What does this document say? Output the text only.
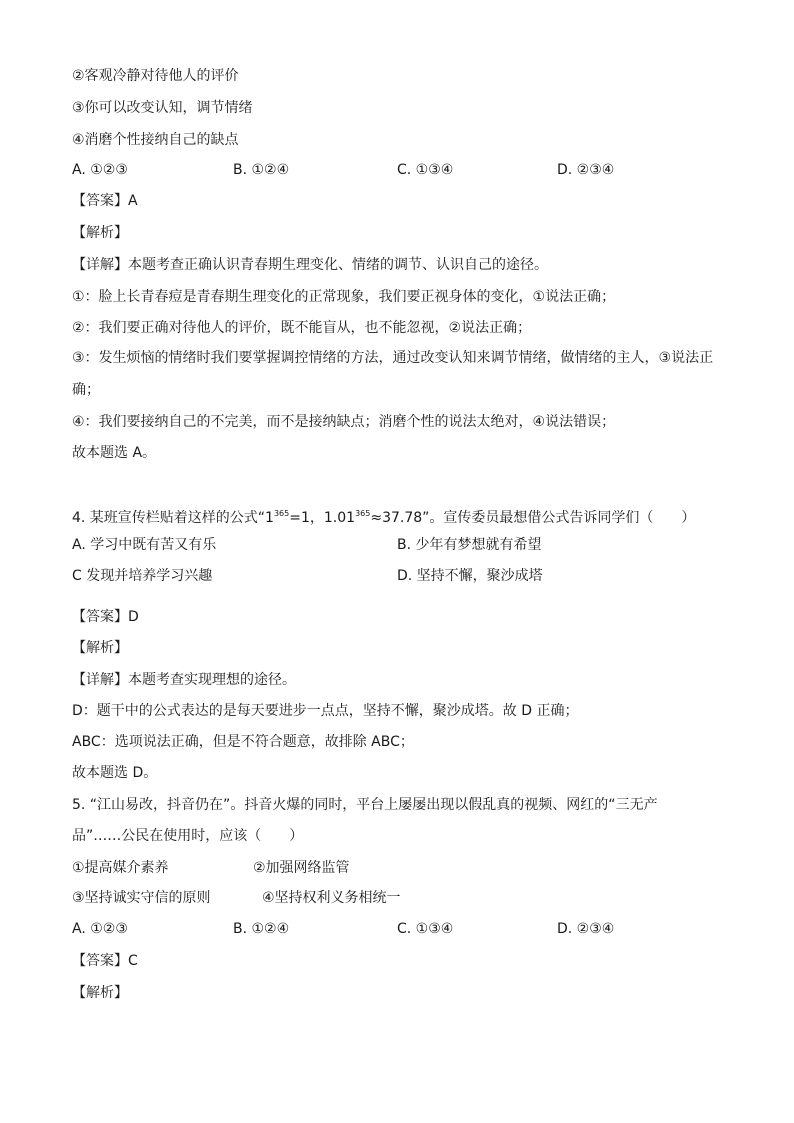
②客观冷静对待他人的评价
③你可以改变认知，调节情绪
④消磨个性接纳自己的缺点
A. ①②③	B. ①②④	C. ①③④	D. ②③④
【答案】A
【解析】
【详解】本题考查正确认识青春期生理变化、情绪的调节、认识自己的途径。
①：脸上长青春痘是青春期生理变化的正常现象，我们要正视身体的变化，①说法正确；
②：我们要正确对待他人的评价，既不能盲从，也不能忽视，②说法正确；
③：发生烦恼的情绪时我们要掌握调控情绪的方法，通过改变认知来调节情绪，做情绪的主人，③说法正
确；
④：我们要接纳自己的不完美，而不是接纳缺点；消磨个性的说法太绝对，④说法错误；
故本题选 A。
4. 某班宣传栏贴着这样的公式“$1^{365}=1$，$1.01^{365}\approx 37.78$”。宣传委员最想借公式告诉同学们（　　）
A. 学习中既有苦又有乐	B. 少年有梦想就有希望
C 发现并培养学习兴趣	D. 坚持不懈，聚沙成塔
【答案】D
【解析】
【详解】本题考查实现理想的途径。
D：题干中的公式表达的是每天要进步一点点，坚持不懈，聚沙成塔。故 D 正确；
ABC：选项说法正确，但是不符合题意，故排除 ABC；
故本题选 D。
5. “江山易改，抖音仍在”。抖音火爆的同时，平台上屡屡出现以假乱真的视频、网红的“三无产
品”……公民在使用时，应该（　　）
①提高媒介素养	②加强网络监管
③坚持诚实守信的原则	④坚持权利义务相统一
A. ①②③	B. ①②④	C. ①③④	D. ②③④
【答案】C
【解析】
